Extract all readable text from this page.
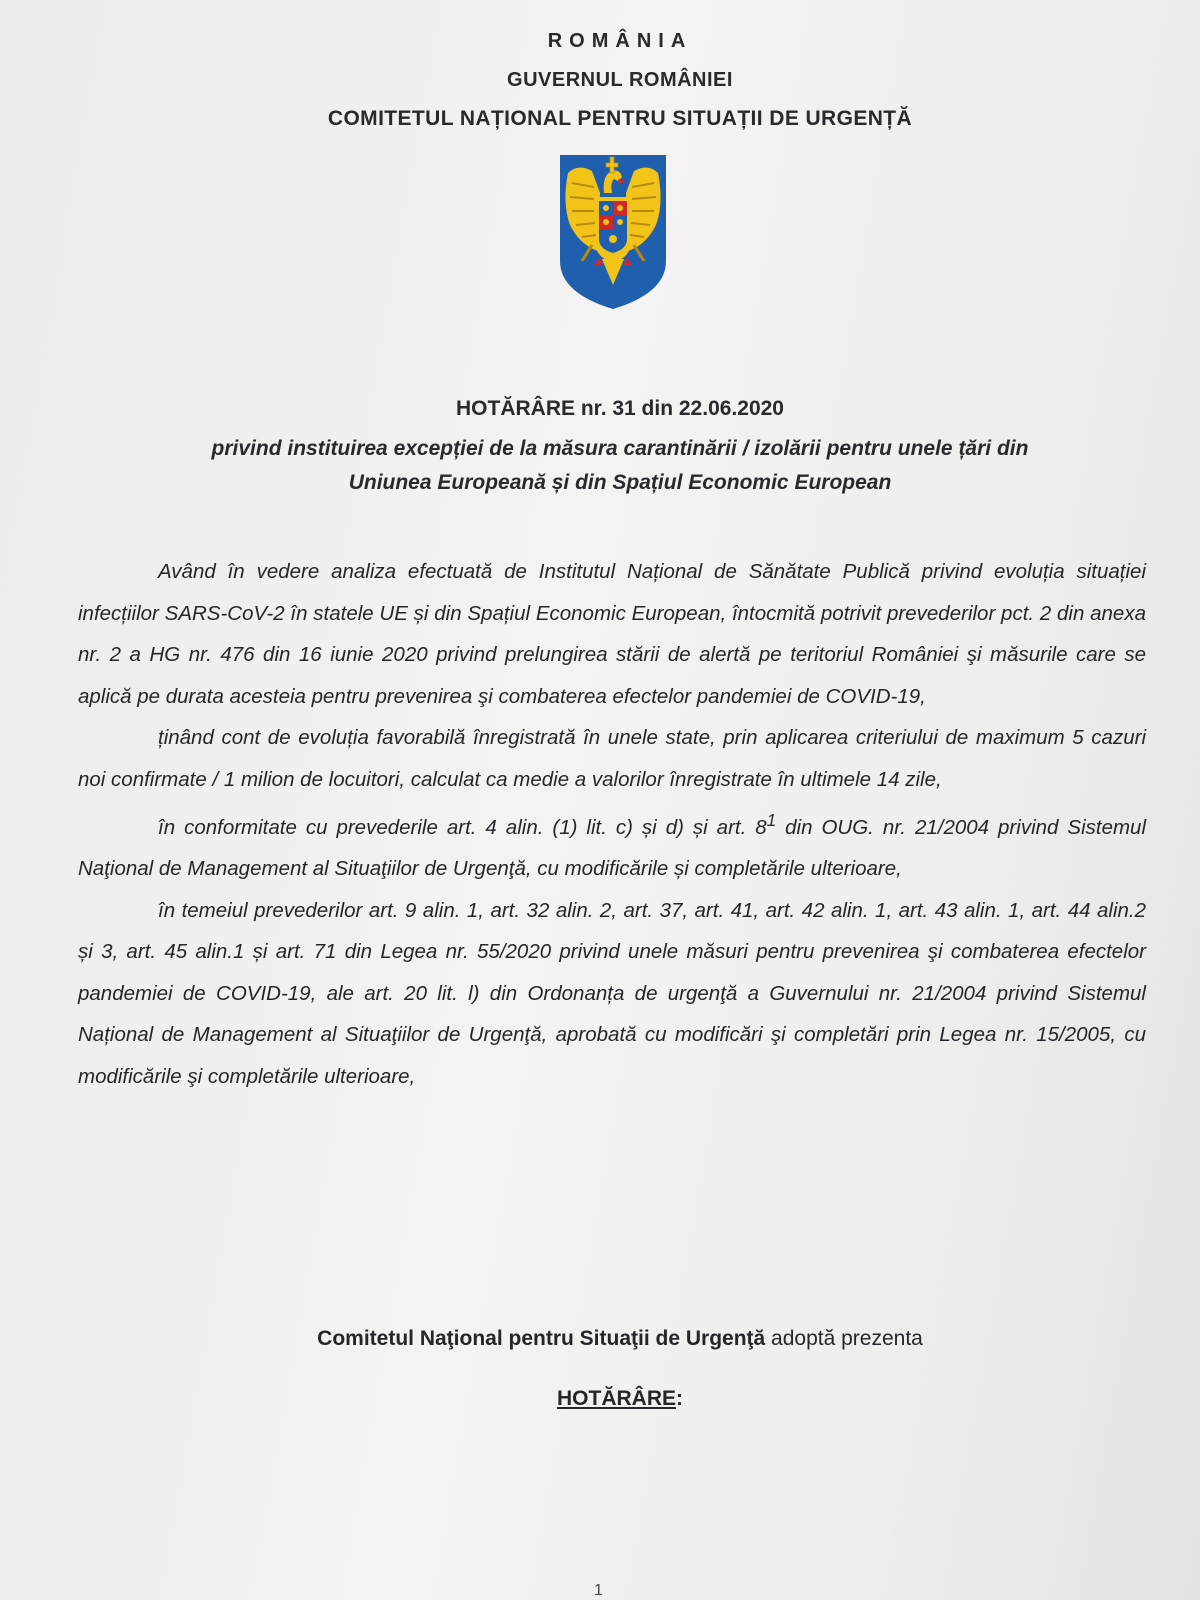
ROMÂNIA
GUVERNUL ROMÂNIEI
COMITETUL NAȚIONAL PENTRU SITUAȚII DE URGENȚĂ
HOTĂRÂRE nr. 31 din 22.06.2020
privind instituirea excepției de la măsura carantinării / izolării pentru unele țări din
Uniunea Europeană și din Spațiul Economic European

Având în vedere analiza efectuată de Institutul Național de Sănătate Publică privind evoluția situației infecțiilor SARS-CoV-2 în statele UE și din Spațiul Economic European, întocmită potrivit prevederilor pct. 2 din anexa nr. 2 a HG nr. 476 din 16 iunie 2020 privind prelungirea stării de alertă pe teritoriul României şi măsurile care se aplică pe durata acesteia pentru prevenirea şi combaterea efectelor pandemiei de COVID-19,

ținând cont de evoluția favorabilă înregistrată în unele state, prin aplicarea criteriului de maximum 5 cazuri noi confirmate / 1 milion de locuitori, calculat ca medie a valorilor înregistrate în ultimele 14 zile,

în conformitate cu prevederile art. 4 alin. (1) lit. c) și d) și art. $8^1$ din OUG. nr. 21/2004 privind Sistemul Naţional de Management al Situaţiilor de Urgenţă, cu modificările și completările ulterioare,

în temeiul prevederilor art. 9 alin. 1, art. 32 alin. 2, art. 37, art. 41, art. 42 alin. 1, art. 43 alin. 1, art. 44 alin.2 și 3, art. 45 alin.1 și art. 71 din Legea nr. 55/2020 privind unele măsuri pentru prevenirea şi combaterea efectelor pandemiei de COVID-19, ale art. 20 lit. l) din Ordonanța de urgenţă a Guvernului nr. 21/2004 privind Sistemul Național de Management al Situaţiilor de Urgenţă, aprobată cu modificări şi completări prin Legea nr. 15/2005, cu modificările şi completările ulterioare,

Comitetul Naţional pentru Situaţii de Urgenţă adoptă prezenta
HOTĂRÂRE:
1
